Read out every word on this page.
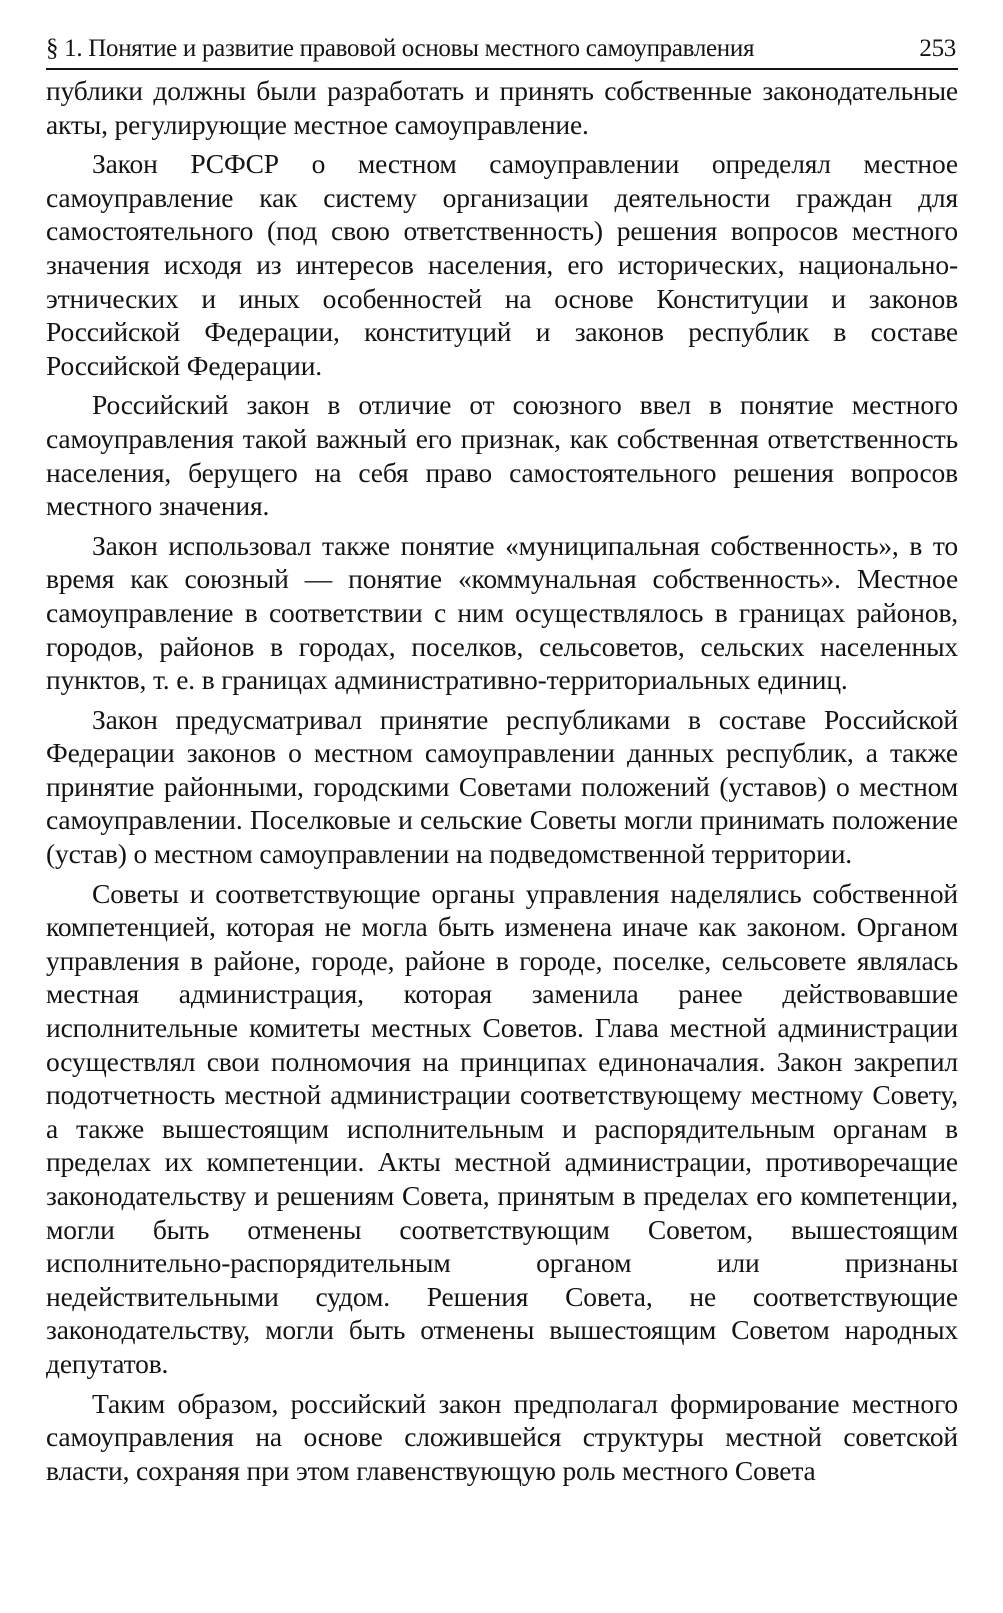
§ 1. Понятие и развитие правовой основы местного самоуправления	253

публики должны были разработать и принять собственные законодательные акты, регулирующие местное самоуправление.

Закон РСФСР о местном самоуправлении определял местное самоуправление как систему организации деятельности граждан для самостоятельного (под свою ответственность) решения вопросов местного значения исходя из интересов населения, его исторических, национально-этнических и иных особенностей на основе Конституции и законов Российской Федерации, конституций и законов республик в составе Российской Федерации.

Российский закон в отличие от союзного ввел в понятие местного самоуправления такой важный его признак, как собственная ответственность населения, берущего на себя право самостоятельного решения вопросов местного значения.

Закон использовал также понятие «муниципальная собственность», в то время как союзный — понятие «коммунальная собственность». Местное самоуправление в соответствии с ним осуществлялось в границах районов, городов, районов в городах, поселков, сельсоветов, сельских населенных пунктов, т. е. в границах административно-территориальных единиц.

Закон предусматривал принятие республиками в составе Российской Федерации законов о местном самоуправлении данных республик, а также принятие районными, городскими Советами положений (уставов) о местном самоуправлении. Поселковые и сельские Советы могли принимать положение (устав) о местном самоуправлении на подведомственной территории.

Советы и соответствующие органы управления наделялись собственной компетенцией, которая не могла быть изменена иначе как законом. Органом управления в районе, городе, районе в городе, поселке, сельсовете являлась местная администрация, которая заменила ранее действовавшие исполнительные комитеты местных Советов. Глава местной администрации осуществлял свои полномочия на принципах единоначалия. Закон закрепил подотчетность местной администрации соответствующему местному Совету, а также вышестоящим исполнительным и распорядительным органам в пределах их компетенции. Акты местной администрации, противоречащие законодательству и решениям Совета, принятым в пределах его компетенции, могли быть отменены соответствующим Советом, вышестоящим исполнительно-распорядительным органом или признаны недействительными судом. Решения Совета, не соответствующие законодательству, могли быть отменены вышестоящим Советом народных депутатов.

Таким образом, российский закон предполагал формирование местного самоуправления на основе сложившейся структуры местной советской власти, сохраняя при этом главенствующую роль местного Совета
